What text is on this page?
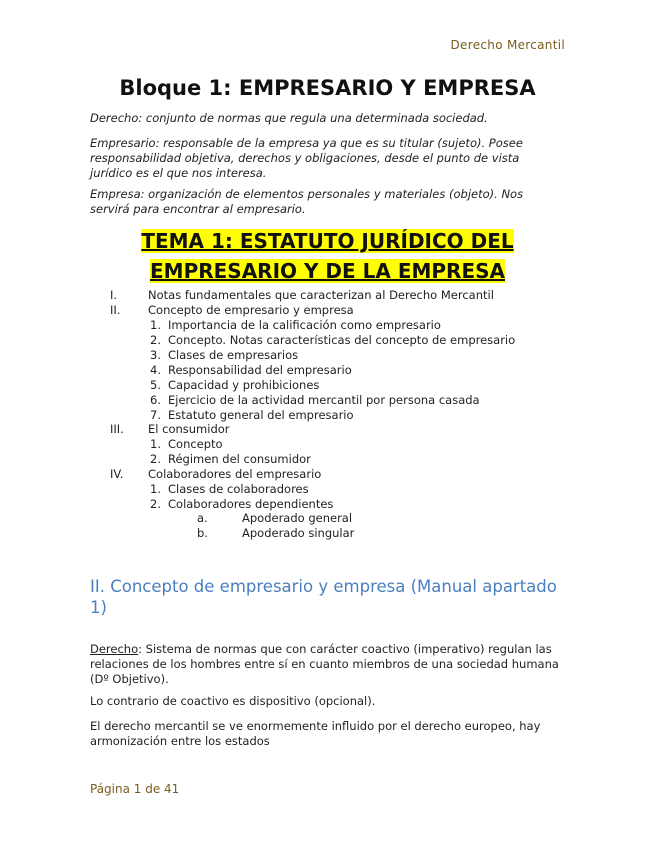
Derecho Mercantil
Bloque 1: EMPRESARIO Y EMPRESA
Derecho: conjunto de normas que regula una determinada sociedad.
Empresario: responsable de la empresa ya que es su titular (sujeto). Posee responsabilidad objetiva, derechos y obligaciones, desde el punto de vista jurídico es el que nos interesa.
Empresa: organización de elementos personales y materiales (objeto). Nos servirá para encontrar al empresario.
TEMA 1: ESTATUTO JURÍDICO DEL
EMPRESARIO Y DE LA EMPRESA
I.	Notas fundamentales que caracterizan al Derecho Mercantil
II. Concepto de empresario y empresa
1. Importancia de la calificación como empresario
2. Concepto. Notas características del concepto de empresario
3. Clases de empresarios
4. Responsabilidad del empresario
5. Capacidad y prohibiciones
6. Ejercicio de la actividad mercantil por persona casada
7. Estatuto general del empresario
III. El consumidor
1. Concepto
2. Régimen del consumidor
IV. Colaboradores del empresario
1. Clases de colaboradores
2. Colaboradores dependientes
a.	Apoderado general
b.	Apoderado singular
II. Concepto de empresario y empresa (Manual apartado 1)
Derecho: Sistema de normas que con carácter coactivo (imperativo) regulan las relaciones de los hombres entre sí en cuanto miembros de una sociedad humana (Dº Objetivo).
Lo contrario de coactivo es dispositivo (opcional).
El derecho mercantil se ve enormemente influido por el derecho europeo, hay armonización entre los estados
Página 1 de 41
